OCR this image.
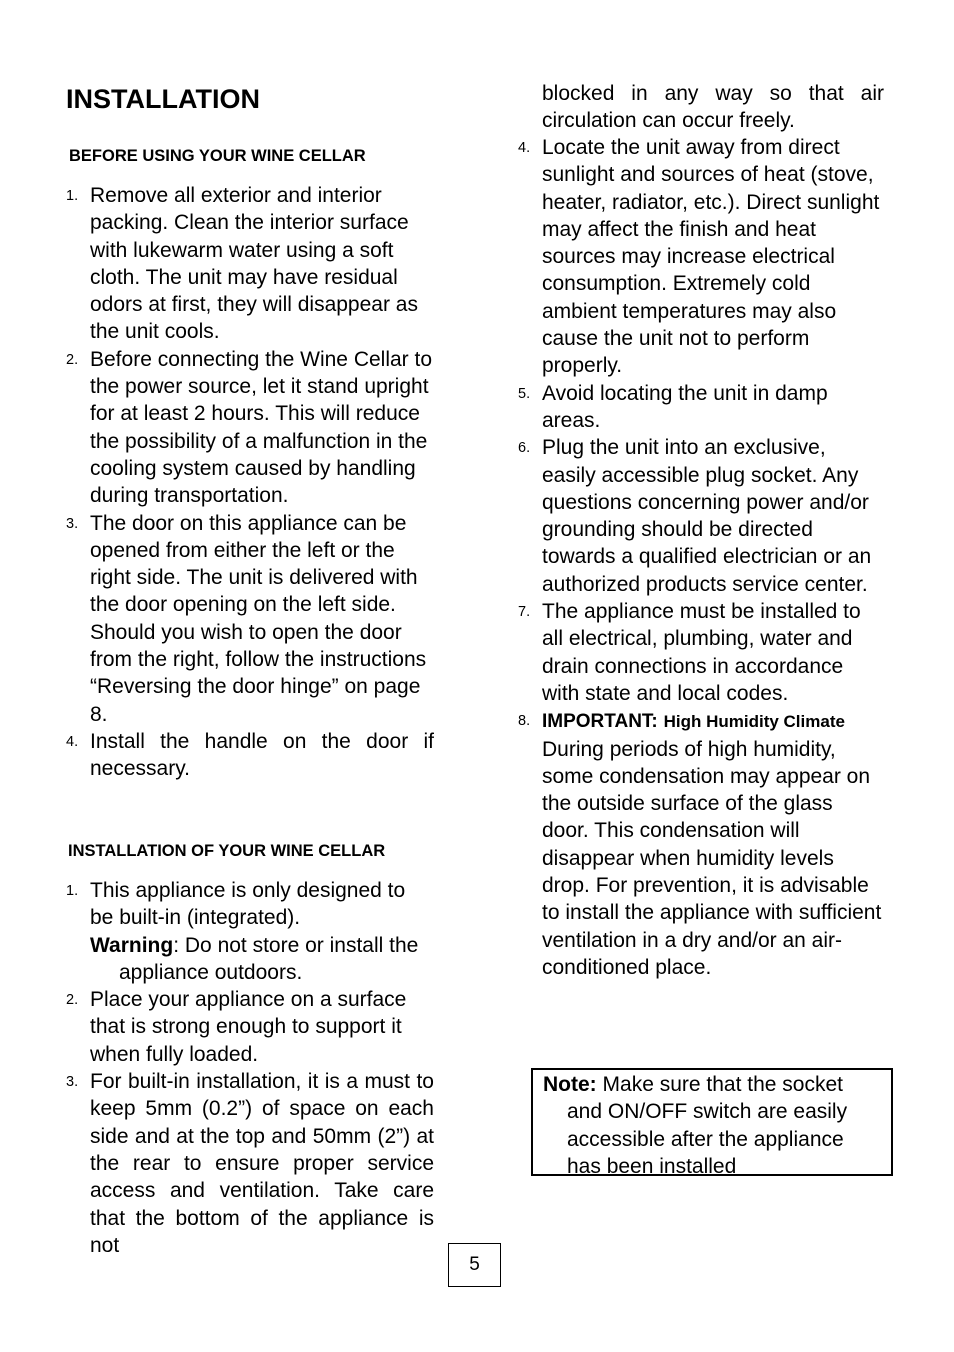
INSTALLATION
BEFORE USING YOUR WINE CELLAR
1. Remove all exterior and interior packing. Clean the interior surface with lukewarm water using a soft cloth. The unit may have residual odors at first, they will disappear as the unit cools.
2. Before connecting the Wine Cellar to the power source, let it stand upright for at least 2 hours. This will reduce the possibility of a malfunction in the cooling system caused by handling during transportation.
3. The door on this appliance can be opened from either the left or the right side. The unit is delivered with the door opening on the left side. Should you wish to open the door from the right, follow the instructions “Reversing the door hinge” on page 8.
4. Install the handle on the door if necessary.
INSTALLATION OF YOUR WINE CELLAR
1. This appliance is only designed to be built-in (integrated).
Warning: Do not store or install the appliance outdoors.
2. Place your appliance on a surface that is strong enough to support it when fully loaded.
3. For built-in installation, it is a must to keep 5mm (0.2”) of space on each side and at the top and 50mm (2”) at the rear to ensure proper service access and ventilation. Take care that the bottom of the appliance is not

blocked in any way so that air circulation can occur freely.

4. Locate the unit away from direct sunlight and sources of heat (stove, heater, radiator, etc.). Direct sunlight may affect the finish and heat sources may increase electrical consumption. Extremely cold ambient temperatures may also cause the unit not to perform properly.
5. Avoid locating the unit in damp areas.
6. Plug the unit into an exclusive, easily accessible plug socket. Any questions concerning power and/or grounding should be directed towards a qualified electrician or an authorized products service center.
7. The appliance must be installed to all electrical, plumbing, water and drain connections in accordance with state and local codes.
8. IMPORTANT: High Humidity Climate
During periods of high humidity, some condensation may appear on the outside surface of the glass door. This condensation will disappear when humidity levels drop. For prevention, it is advisable to install the appliance with sufficient ventilation in a dry and/or an air-conditioned place.
Note: Make sure that the socket and ON/OFF switch are easily accessible after the appliance has been installed
5
